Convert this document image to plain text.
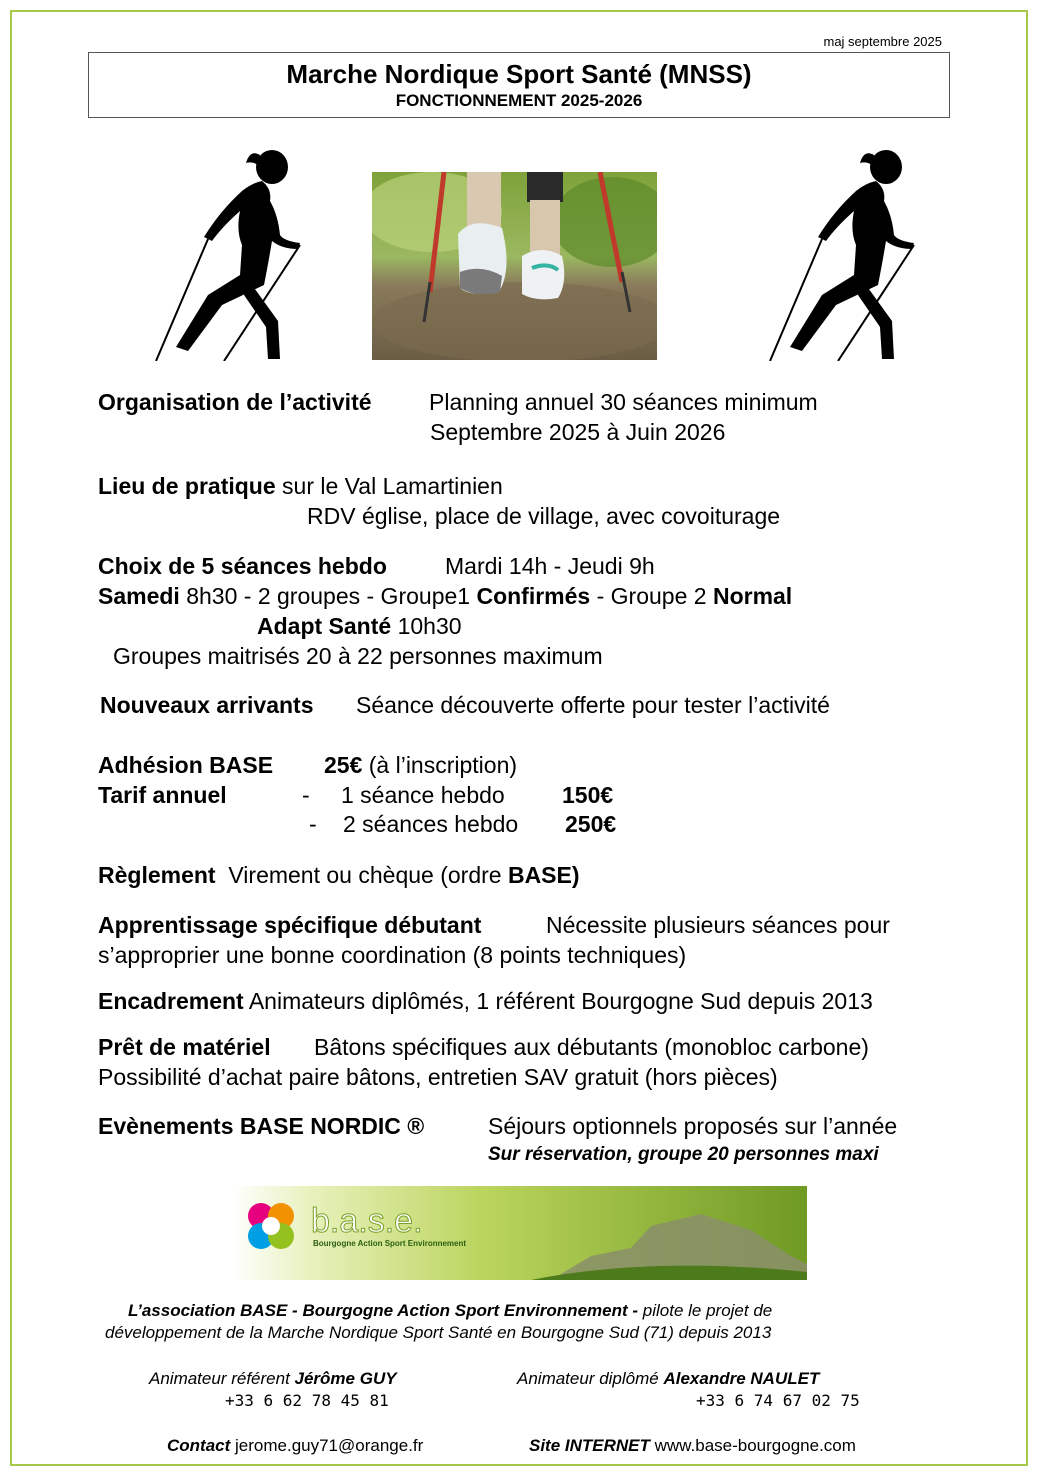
maj septembre 2025
Marche Nordique Sport Santé (MNSS)
FONCTIONNEMENT 2025-2026
Organisation de l’activité Planning annuel 30 séances minimum
Septembre 2025 à Juin 2026
Lieu de pratique sur le Val Lamartinien
RDV église, place de village, avec covoiturage
Choix de 5 séances hebdo	Mardi 14h - Jeudi 9h
Samedi 8h30 - 2 groupes - Groupe1 Confirmés - Groupe 2 Normal
Adapt Santé 10h30
Groupes maitrisés 20 à 22 personnes maximum
Nouveaux arrivants Séance découverte offerte pour tester l’activité
Adhésion BASE 25€ (à l’inscription)
Tarif annuel	- 1 séance hebdo 150€
- 2 séances hebdo 250€
Règlement Virement ou chèque (ordre BASE)
Apprentissage spécifique débutant	Nécessite plusieurs séances pour
s’approprier une bonne coordination (8 points techniques)
Encadrement Animateurs diplômés, 1 référent Bourgogne Sud depuis 2013
Prêt de matériel Bâtons spécifiques aux débutants (monobloc carbone)
Possibilité d’achat paire bâtons, entretien SAV gratuit (hors pièces)
Evènements BASE NORDIC ®	Séjours optionnels proposés sur l’année
Sur réservation, groupe 20 personnes maxi
b.a.s.e.
Bourgogne Action Sport Environnement
L’association BASE - Bourgogne Action Sport Environnement - pilote le projet de
développement de la Marche Nordique Sport Santé en Bourgogne Sud (71) depuis 2013
Animateur référent Jérôme GUY
+33 6 62 78 45 81
Animateur diplômé Alexandre NAULET
+33 6 74 67 02 75
Contact jerome.guy71@orange.fr	Site INTERNET www.base-bourgogne.com
